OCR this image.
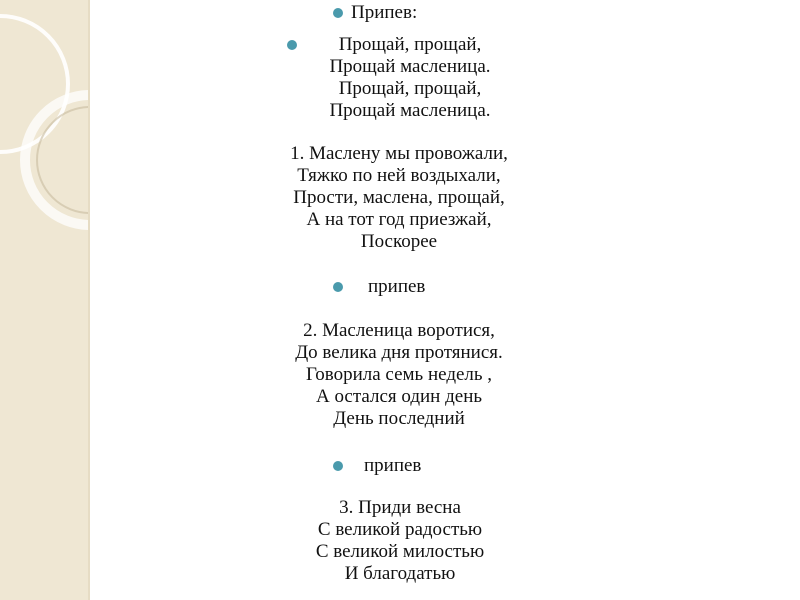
Припев:
Прощай, прощай,
Прощай масленица.
Прощай, прощай,
Прощай масленица.
1. Маслену мы провожали,
Тяжко по ней воздыхали,
Прости, маслена, прощай,
А на тот год приезжай,
Поскорее
припев
2. Масленица воротися,
До велика дня протянися.
Говорила семь недель ,
А остался один день
День последний
припев
3. Приди весна
С великой радостью
С великой милостью
И благодатью
